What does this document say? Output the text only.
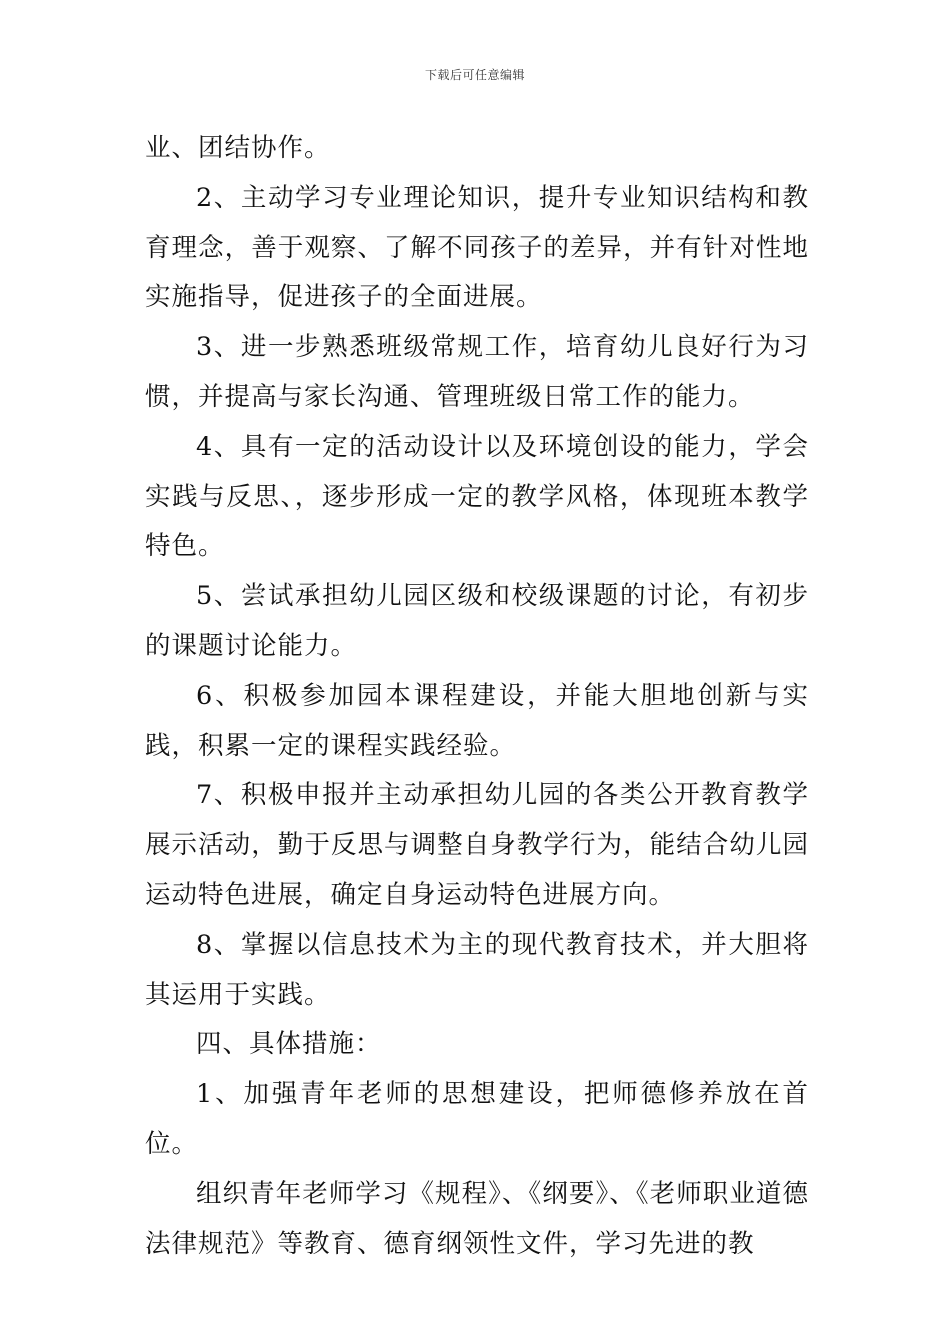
下载后可任意编辑

业、团结协作。

2、主动学习专业理论知识，提升专业知识结构和教育理念，善于观察、了解不同孩子的差异，并有针对性地实施指导，促进孩子的全面进展。

3、进一步熟悉班级常规工作，培育幼儿良好行为习惯，并提高与家长沟通、管理班级日常工作的能力。

4、具有一定的活动设计以及环境创设的能力，学会实践与反思、，逐步形成一定的教学风格，体现班本教学特色。

5、尝试承担幼儿园区级和校级课题的讨论，有初步的课题讨论能力。

6、积极参加园本课程建设，并能大胆地创新与实践，积累一定的课程实践经验。

7、积极申报并主动承担幼儿园的各类公开教育教学展示活动，勤于反思与调整自身教学行为，能结合幼儿园运动特色进展，确定自身运动特色进展方向。

8、掌握以信息技术为主的现代教育技术，并大胆将其运用于实践。

四、具体措施：

1、加强青年老师的思想建设，把师德修养放在首位。

组织青年老师学习《规程》、《纲要》、《老师职业道德法律规范》等教育、德育纲领性文件，学习先进的教
